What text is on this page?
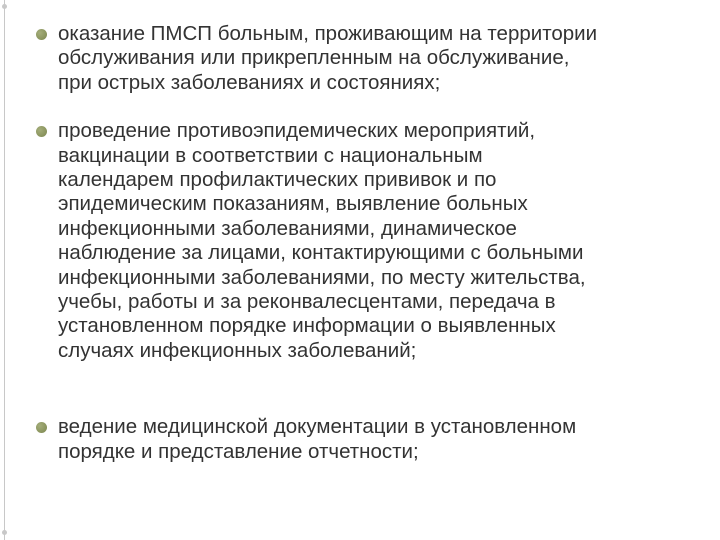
оказание ПМСП больным, проживающим на территории
обслуживания или прикрепленным на обслуживание,
при острых заболеваниях и состояниях;
проведение противоэпидемических мероприятий,
вакцинации в соответствии с национальным
календарем профилактических прививок и по
эпидемическим показаниям, выявление больных
инфекционными заболеваниями, динамическое
наблюдение за лицами, контактирующими с больными
инфекционными заболеваниями, по месту жительства,
учебы, работы и за реконвалесцентами, передача в
установленном порядке информации о выявленных
случаях инфекционных заболеваний;
ведение медицинской документации в установленном
порядке и представление отчетности;
